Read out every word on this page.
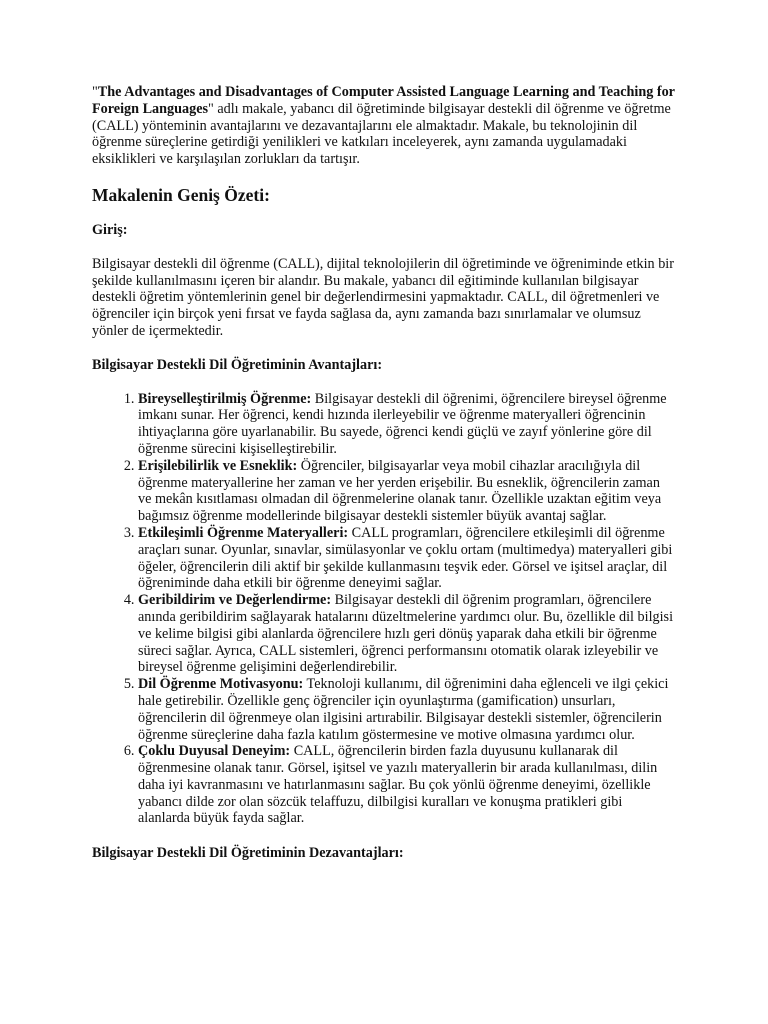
"The Advantages and Disadvantages of Computer Assisted Language Learning and Teaching for Foreign Languages" adlı makale, yabancı dil öğretiminde bilgisayar destekli dil öğrenme ve öğretme (CALL) yönteminin avantajlarını ve dezavantajlarını ele almaktadır. Makale, bu teknolojinin dil öğrenme süreçlerine getirdiği yenilikleri ve katkıları inceleyerek, aynı zamanda uygulamadaki eksiklikleri ve karşılaşılan zorlukları da tartışır.

Makalenin Geniş Özeti:
Giriş:

Bilgisayar destekli dil öğrenme (CALL), dijital teknolojilerin dil öğretiminde ve öğreniminde etkin bir şekilde kullanılmasını içeren bir alandır. Bu makale, yabancı dil eğitiminde kullanılan bilgisayar destekli öğretim yöntemlerinin genel bir değerlendirmesini yapmaktadır. CALL, dil öğretmenleri ve öğrenciler için birçok yeni fırsat ve fayda sağlasa da, aynı zamanda bazı sınırlamalar ve olumsuz yönler de içermektedir.

Bilgisayar Destekli Dil Öğretiminin Avantajları:
1. Bireyselleştirilmiş Öğrenme: Bilgisayar destekli dil öğrenimi, öğrencilere bireysel öğrenme imkanı sunar. Her öğrenci, kendi hızında ilerleyebilir ve öğrenme materyalleri öğrencinin ihtiyaçlarına göre uyarlanabilir. Bu sayede, öğrenci kendi güçlü ve zayıf yönlerine göre dil öğrenme sürecini kişiselleştirebilir.
2. Erişilebilirlik ve Esneklik: Öğrenciler, bilgisayarlar veya mobil cihazlar aracılığıyla dil öğrenme materyallerine her zaman ve her yerden erişebilir. Bu esneklik, öğrencilerin zaman ve mekân kısıtlaması olmadan dil öğrenmelerine olanak tanır. Özellikle uzaktan eğitim veya bağımsız öğrenme modellerinde bilgisayar destekli sistemler büyük avantaj sağlar.
3. Etkileşimli Öğrenme Materyalleri: CALL programları, öğrencilere etkileşimli dil öğrenme araçları sunar. Oyunlar, sınavlar, simülasyonlar ve çoklu ortam (multimedya) materyalleri gibi öğeler, öğrencilerin dili aktif bir şekilde kullanmasını teşvik eder. Görsel ve işitsel araçlar, dil öğreniminde daha etkili bir öğrenme deneyimi sağlar.
4. Geribildirim ve Değerlendirme: Bilgisayar destekli dil öğrenim programları, öğrencilere anında geribildirim sağlayarak hatalarını düzeltmelerine yardımcı olur. Bu, özellikle dil bilgisi ve kelime bilgisi gibi alanlarda öğrencilere hızlı geri dönüş yaparak daha etkili bir öğrenme süreci sağlar. Ayrıca, CALL sistemleri, öğrenci performansını otomatik olarak izleyebilir ve bireysel öğrenme gelişimini değerlendirebilir.
5. Dil Öğrenme Motivasyonu: Teknoloji kullanımı, dil öğrenimini daha eğlenceli ve ilgi çekici hale getirebilir. Özellikle genç öğrenciler için oyunlaştırma (gamification) unsurları, öğrencilerin dil öğrenmeye olan ilgisini artırabilir. Bilgisayar destekli sistemler, öğrencilerin öğrenme süreçlerine daha fazla katılım göstermesine ve motive olmasına yardımcı olur.
6. Çoklu Duyusal Deneyim: CALL, öğrencilerin birden fazla duyusunu kullanarak dil öğrenmesine olanak tanır. Görsel, işitsel ve yazılı materyallerin bir arada kullanılması, dilin daha iyi kavranmasını ve hatırlanmasını sağlar. Bu çok yönlü öğrenme deneyimi, özellikle yabancı dilde zor olan sözcük telaffuzu, dilbilgisi kuralları ve konuşma pratikleri gibi alanlarda büyük fayda sağlar.
Bilgisayar Destekli Dil Öğretiminin Dezavantajları:
